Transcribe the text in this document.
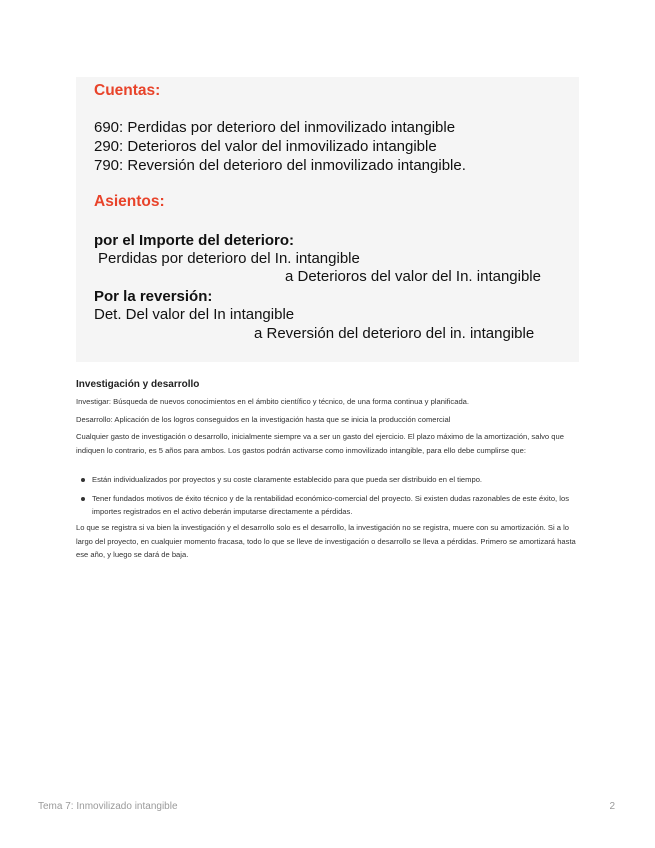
Cuentas:
690: Perdidas por deterioro del inmovilizado intangible
290: Deterioros del valor del inmovilizado intangible
790: Reversión del deterioro del inmovilizado intangible.
Asientos:
por el Importe del deterioro:
Perdidas por deterioro del In. intangible
a Deterioros del valor del In. intangible
Por la reversión:
Det. Del valor del In intangible
a Reversión del deterioro del in. intangible
Investigación y desarrollo
Investigar: Búsqueda de nuevos conocimientos en el ámbito científico y técnico, de una forma continua y planificada.
Desarrollo: Aplicación de los logros conseguidos en la investigación hasta que se inicia la producción comercial
Cualquier gasto de investigación o desarrollo, inicialmente siempre va a ser un gasto del ejercicio. El plazo máximo de la amortización, salvo que indiquen lo contrario, es 5 años para ambos. Los gastos podrán activarse como inmovilizado intangible, para ello debe cumplirse que:
Están individualizados por proyectos y su coste claramente establecido para que pueda ser distribuido en el tiempo.
Tener fundados motivos de éxito técnico y de la rentabilidad económico-comercial del proyecto. Si existen dudas razonables de este éxito, los importes registrados en el activo deberán imputarse directamente a pérdidas.
Lo que se registra si va bien la investigación y el desarrollo solo es el desarrollo, la investigación no se registra, muere con su amortización. Si a lo largo del proyecto, en cualquier momento fracasa, todo lo que se lleve de investigación o desarrollo se lleva a pérdidas. Primero se amortizará hasta ese año, y luego se dará de baja.
Tema 7: Inmovilizado intangible	2
